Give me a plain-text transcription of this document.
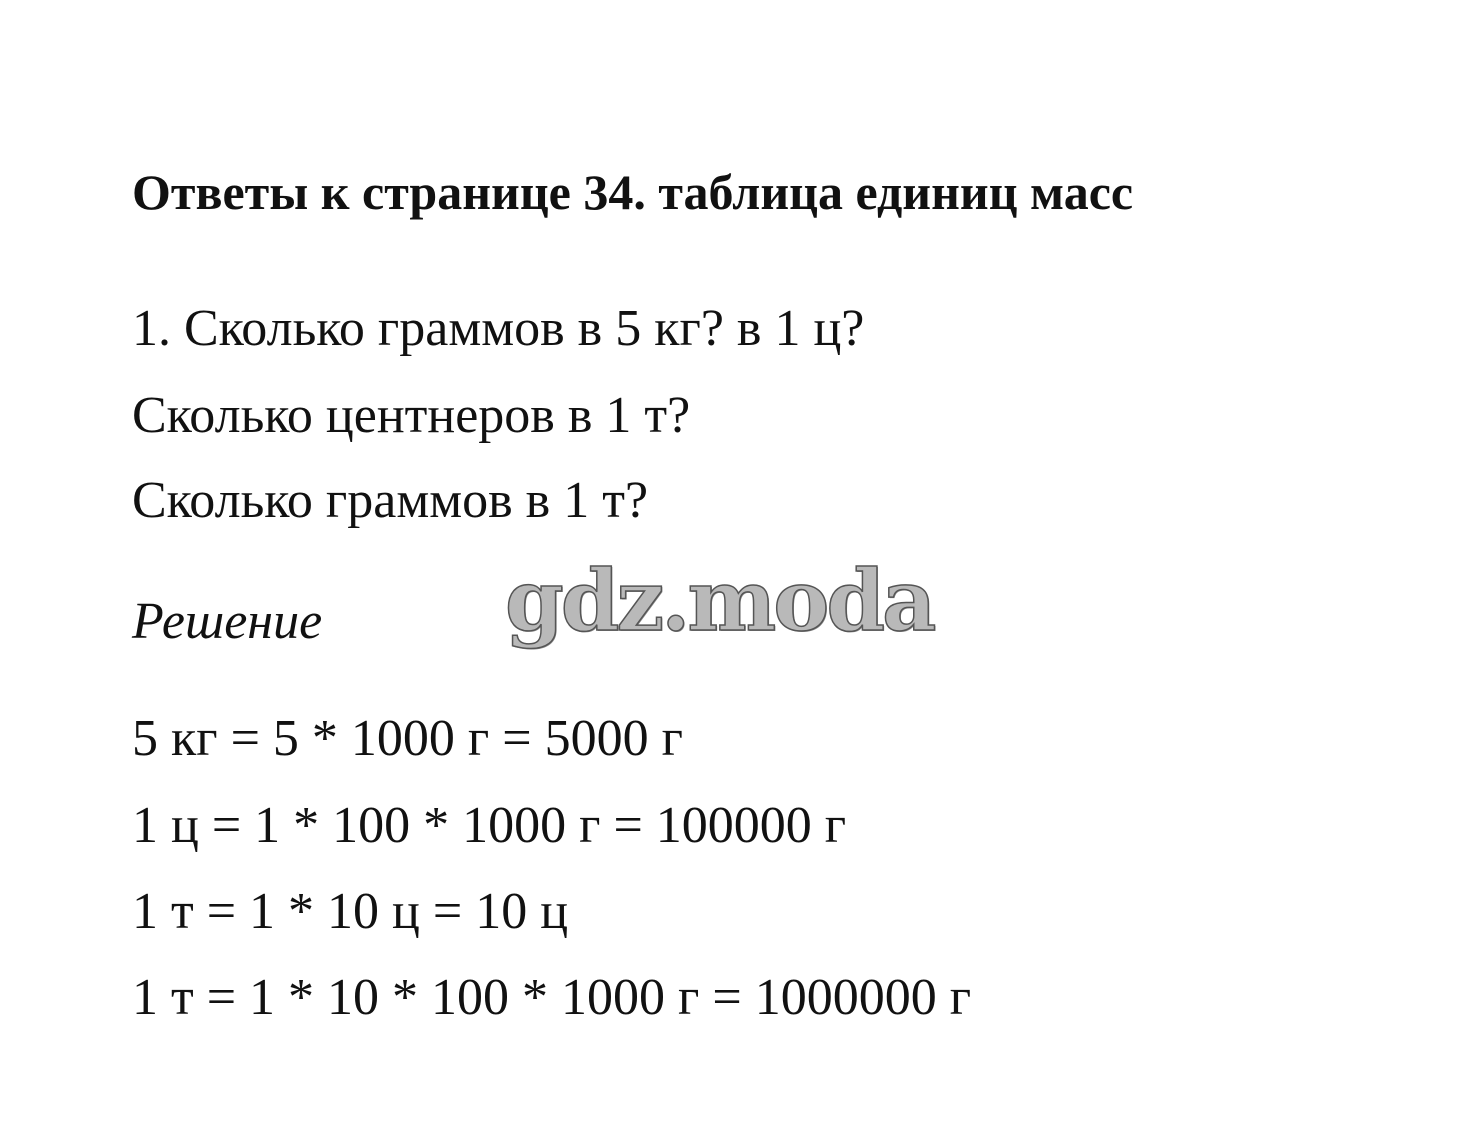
Ответы к странице 34. таблица единиц масс

1. Сколько граммов в 5 кг? в 1 ц?

Сколько центнеров в 1 т?

Сколько граммов в 1 т?

Решение gdz.moda

5 кг = 5 * 1000 г = 5000 г

1 ц = 1 * 100 * 1000 г = 100000 г

1 т = 1 * 10 ц = 10 ц

1 т = 1 * 10 * 100 * 1000 г = 1000000 г
